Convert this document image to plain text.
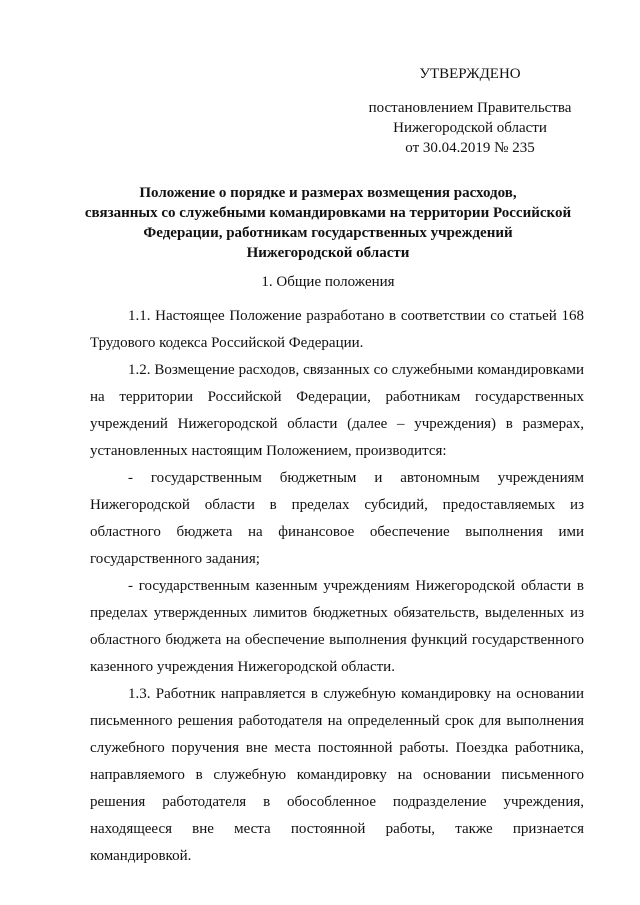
УТВЕРЖДЕНО
постановлением Правительства
Нижегородской области
от 30.04.2019 № 235
Положение о порядке и размерах возмещения расходов,
связанных со служебными командировками на территории Российской
Федерации, работникам государственных учреждений
Нижегородской области
1. Общие положения

1.1. Настоящее Положение разработано в соответствии со статьей 168 Трудового кодекса Российской Федерации.

1.2. Возмещение расходов, связанных со служебными командировками на территории Российской Федерации, работникам государственных учреждений Нижегородской области (далее – учреждения) в размерах, установленных настоящим Положением, производится:

- государственным бюджетным и автономным учреждениям Нижегородской области в пределах субсидий, предоставляемых из областного бюджета на финансовое обеспечение выполнения ими государственного задания;

- государственным казенным учреждениям Нижегородской области в пределах утвержденных лимитов бюджетных обязательств, выделенных из областного бюджета на обеспечение выполнения функций государственного казенного учреждения Нижегородской области.

1.3. Работник направляется в служебную командировку на основании письменного решения работодателя на определенный срок для выполнения служебного поручения вне места постоянной работы. Поездка работника, направляемого в служебную командировку на основании письменного решения работодателя в обособленное подразделение учреждения, находящееся вне места постоянной работы, также признается командировкой.
